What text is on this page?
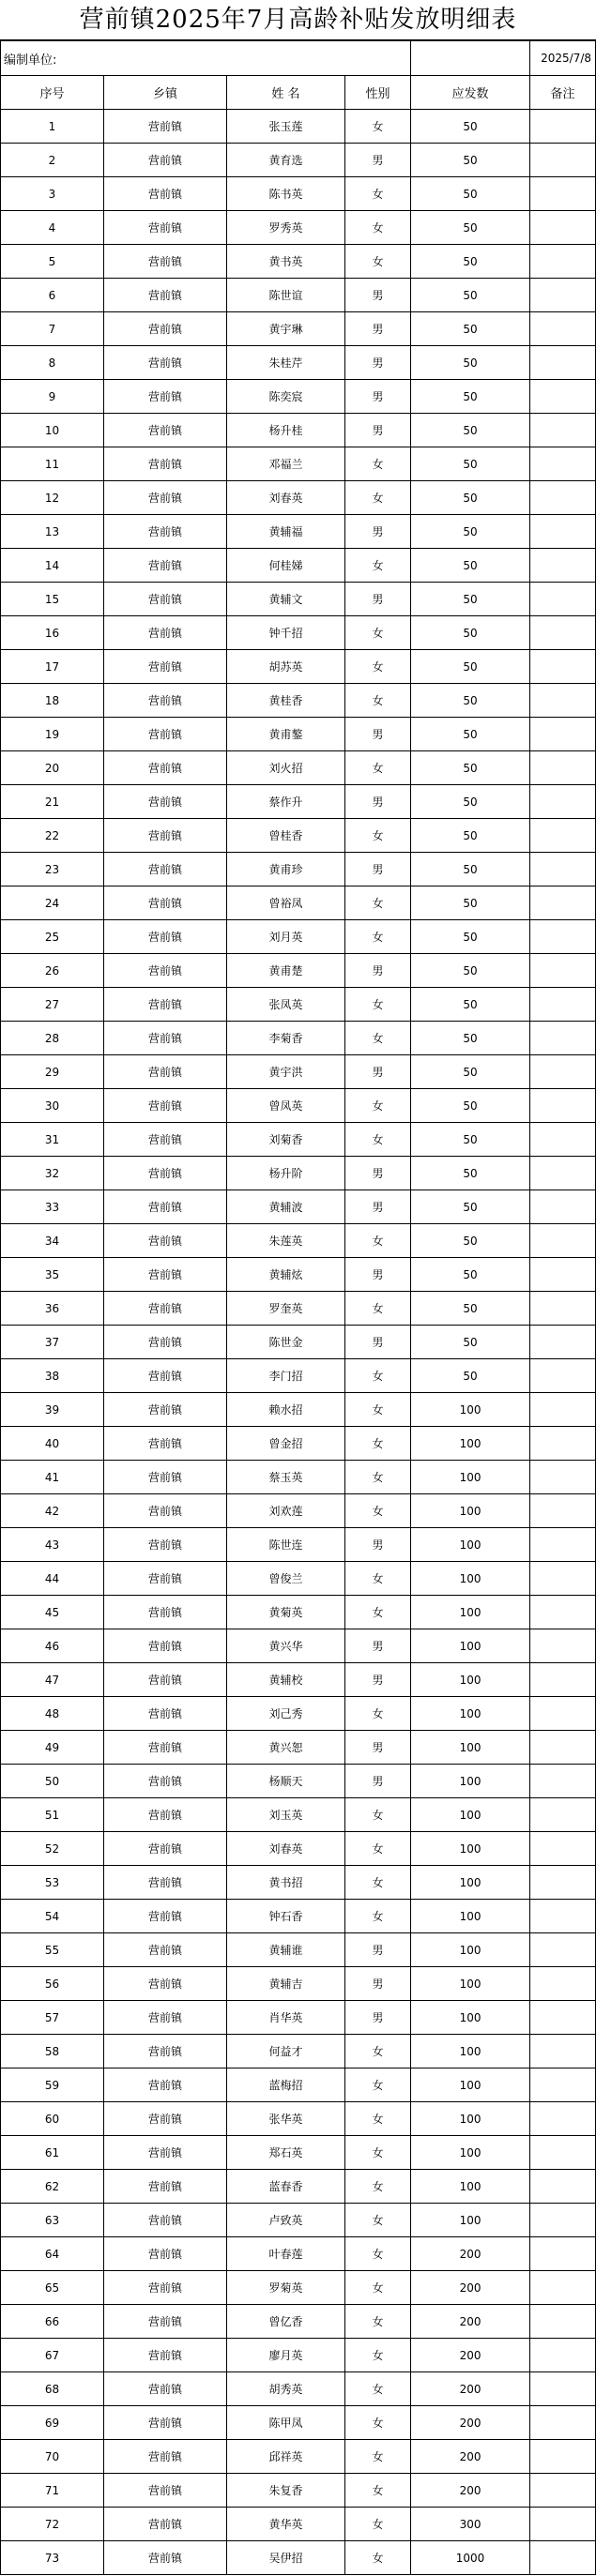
营前镇2025年7月高龄补贴发放明细表
编制单位:					2025/7/8
序号	乡镇	姓 名	性别	应发数	备注
1	营前镇	张玉莲	女	50	
2	营前镇	黄育选	男	50	
3	营前镇	陈书英	女	50	
4	营前镇	罗秀英	女	50	
5	营前镇	黄书英	女	50	
6	营前镇	陈世谊	男	50	
7	营前镇	黄宇琳	男	50	
8	营前镇	朱桂芹	男	50	
9	营前镇	陈奕宸	男	50	
10	营前镇	杨升桂	男	50	
11	营前镇	邓福兰	女	50	
12	营前镇	刘春英	女	50	
13	营前镇	黄辅福	男	50	
14	营前镇	何桂娣	女	50	
15	营前镇	黄辅文	男	50	
16	营前镇	钟千招	女	50	
17	营前镇	胡苏英	女	50	
18	营前镇	黄桂香	女	50	
19	营前镇	黄甫鏊	男	50	
20	营前镇	刘火招	女	50	
21	营前镇	蔡作升	男	50	
22	营前镇	曾桂香	女	50	
23	营前镇	黄甫珍	男	50	
24	营前镇	曾裕凤	女	50	
25	营前镇	刘月英	女	50	
26	营前镇	黄甫楚	男	50	
27	营前镇	张凤英	女	50	
28	营前镇	李菊香	女	50	
29	营前镇	黄宇洪	男	50	
30	营前镇	曾凤英	女	50	
31	营前镇	刘菊香	女	50	
32	营前镇	杨升阶	男	50	
33	营前镇	黄辅波	男	50	
34	营前镇	朱莲英	女	50	
35	营前镇	黄辅炫	男	50	
36	营前镇	罗奎英	女	50	
37	营前镇	陈世金	男	50	
38	营前镇	李门招	女	50	
39	营前镇	赖水招	女	100	
40	营前镇	曾金招	女	100	
41	营前镇	蔡玉英	女	100	
42	营前镇	刘欢莲	女	100	
43	营前镇	陈世连	男	100	
44	营前镇	曾俊兰	女	100	
45	营前镇	黄菊英	女	100	
46	营前镇	黄兴华	男	100	
47	营前镇	黄辅校	男	100	
48	营前镇	刘己秀	女	100	
49	营前镇	黄兴恕	男	100	
50	营前镇	杨顺天	男	100	
51	营前镇	刘玉英	女	100	
52	营前镇	刘春英	女	100	
53	营前镇	黄书招	女	100	
54	营前镇	钟石香	女	100	
55	营前镇	黄辅谁	男	100	
56	营前镇	黄辅吉	男	100	
57	营前镇	肖华英	男	100	
58	营前镇	何益才	女	100	
59	营前镇	蓝梅招	女	100	
60	营前镇	张华英	女	100	
61	营前镇	郑石英	女	100	
62	营前镇	蓝春香	女	100	
63	营前镇	卢致英	女	100	
64	营前镇	叶春莲	女	200	
65	营前镇	罗菊英	女	200	
66	营前镇	曾亿香	女	200	
67	营前镇	廖月英	女	200	
68	营前镇	胡秀英	女	200	
69	营前镇	陈甲凤	女	200	
70	营前镇	邱祥英	女	200	
71	营前镇	朱复香	女	200	
72	营前镇	黄华英	女	300	
73	营前镇	吴伊招	女	1000	
